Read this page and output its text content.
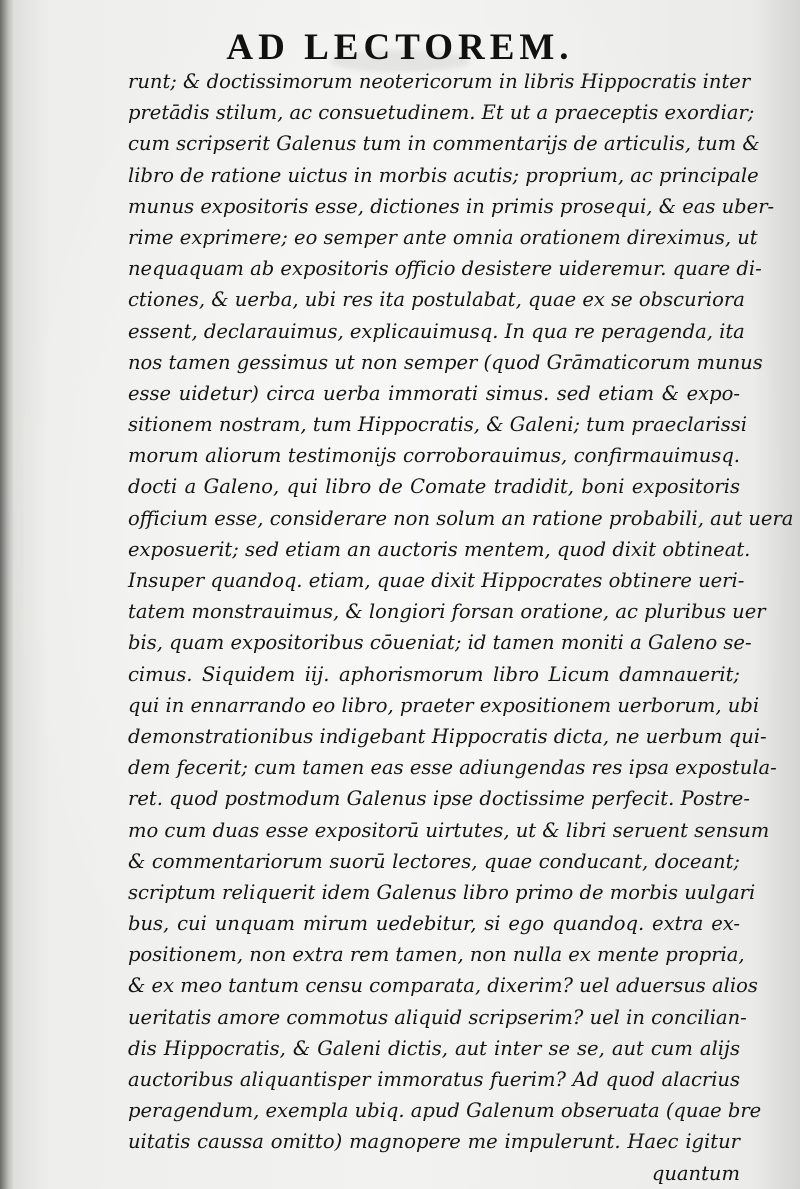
AD LECTOREM.
runt; & doctissimorum neotericorum in libris Hippocratis inter
pretādis stilum, ac consuetudinem. Et ut a praeceptis exordiar;
cum scripserit Galenus tum in commentarijs de articulis, tum &
libro de ratione uictus in morbis acutis; proprium, ac principale
munus expositoris esse, dictiones in primis prosequi, & eas uber-
rime exprimere; eo semper ante omnia orationem direximus, ut
nequaquam ab expositoris officio desistere uideremur. quare di-
ctiones, & uerba, ubi res ita postulabat, quae ex se obscuriora
essent, declarauimus, explicauimusq. In qua re peragenda, ita
nos tamen gessimus ut non semper (quod Grāmaticorum munus
esse uidetur) circa uerba immorati simus. sed etiam & expo-
sitionem nostram, tum Hippocratis, & Galeni; tum praeclarissi
morum aliorum testimonijs corroborauimus, confirmauimusq.
docti a Galeno, qui libro de Comate tradidit, boni expositoris
officium esse, considerare non solum an ratione probabili, aut uera
exposuerit; sed etiam an auctoris mentem, quod dixit obtineat.
Insuper quandoq. etiam, quae dixit Hippocrates obtinere ueri-
tatem monstrauimus, & longiori forsan oratione, ac pluribus uer
bis, quam expositoribus cōueniat; id tamen moniti a Galeno se-
cimus. Siquidem iij. aphorismorum libro Licum damnauerit;
qui in ennarrando eo libro, praeter expositionem uerborum, ubi
demonstrationibus indigebant Hippocratis dicta, ne uerbum qui-
dem fecerit; cum tamen eas esse adiungendas res ipsa expostula-
ret. quod postmodum Galenus ipse doctissime perfecit. Postre-
mo cum duas esse expositorū uirtutes, ut & libri seruent sensum
& commentariorum suorū lectores, quae conducant, doceant;
scriptum reliquerit idem Galenus libro primo de morbis uulgari
bus, cui unquam mirum uedebitur, si ego quandoq. extra ex-
positionem, non extra rem tamen, non nulla ex mente propria,
& ex meo tantum censu comparata, dixerim? uel aduersus alios
ueritatis amore commotus aliquid scripserim? uel in concilian-
dis Hippocratis, & Galeni dictis, aut inter se se, aut cum alijs
auctoribus aliquantisper immoratus fuerim? Ad quod alacrius
peragendum, exempla ubiq. apud Galenum obseruata (quae bre
uitatis caussa omitto) magnopere me impulerunt. Haec igitur
quantum
